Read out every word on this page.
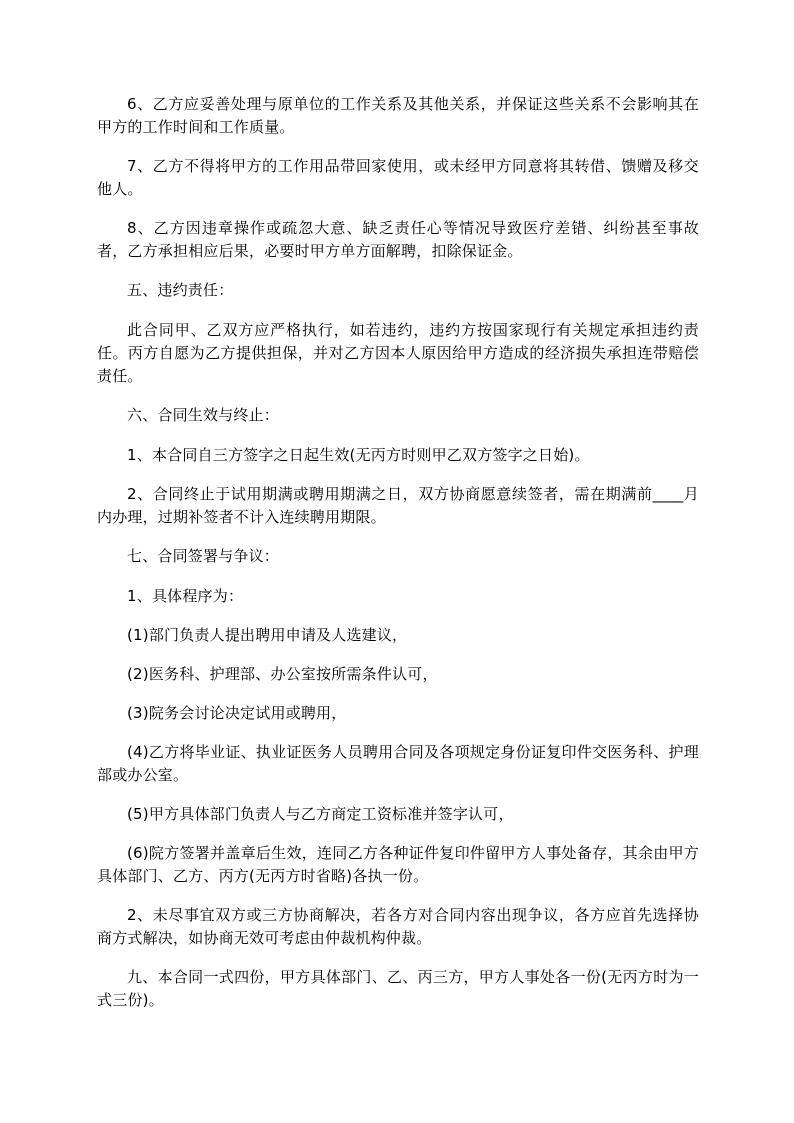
6、乙方应妥善处理与原单位的工作关系及其他关系，并保证这些关系不会影响其在甲方的工作时间和工作质量。

7、乙方不得将甲方的工作用品带回家使用，或未经甲方同意将其转借、馈赠及移交他人。

8、乙方因违章操作或疏忽大意、缺乏责任心等情况导致医疗差错、纠纷甚至事故者，乙方承担相应后果，必要时甲方单方面解聘，扣除保证金。

五、违约责任：

此合同甲、乙双方应严格执行，如若违约，违约方按国家现行有关规定承担违约责任。丙方自愿为乙方提供担保，并对乙方因本人原因给甲方造成的经济损失承担连带赔偿责任。

六、合同生效与终止：

1、本合同自三方签字之日起生效(无丙方时则甲乙双方签字之日始)。

2、合同终止于试用期满或聘用期满之日，双方协商愿意续签者，需在期满前____月内办理，过期补签者不计入连续聘用期限。

七、合同签署与争议：

1、具体程序为：

(1)部门负责人提出聘用申请及人选建议，

(2)医务科、护理部、办公室按所需条件认可，

(3)院务会讨论决定试用或聘用，

(4)乙方将毕业证、执业证医务人员聘用合同及各项规定身份证复印件交医务科、护理部或办公室。

(5)甲方具体部门负责人与乙方商定工资标准并签字认可，

(6)院方签署并盖章后生效，连同乙方各种证件复印件留甲方人事处备存，其余由甲方具体部门、乙方、丙方(无丙方时省略)各执一份。

2、未尽事宜双方或三方协商解决，若各方对合同内容出现争议，各方应首先选择协商方式解决，如协商无效可考虑由仲裁机构仲裁。

九、本合同一式四份，甲方具体部门、乙、丙三方，甲方人事处各一份(无丙方时为一式三份)。
